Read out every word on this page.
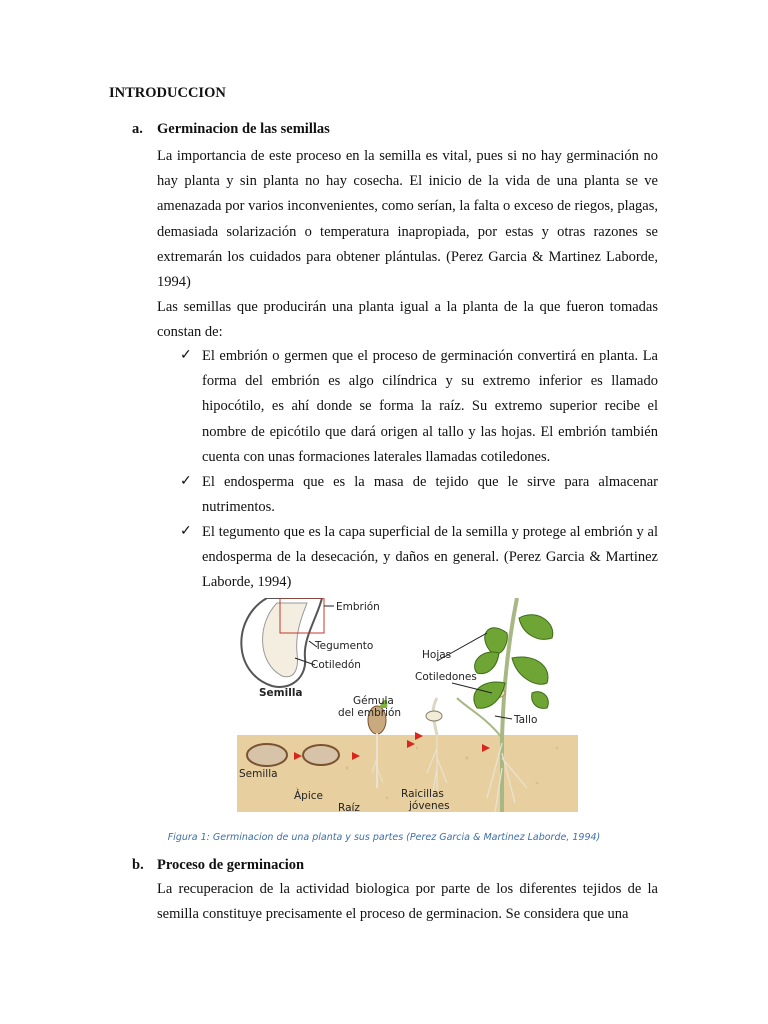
INTRODUCCION
a. Germinacion de las semillas

La importancia de este proceso en la semilla es vital, pues si no hay germinación no hay planta y sin planta no hay cosecha. El inicio de la vida de una planta se ve amenazada por varios inconvenientes, como serían, la falta o exceso de riegos, plagas, demasiada solarización o temperatura inapropiada, por estas y otras razones se extremarán los cuidados para obtener plántulas. (Perez Garcia & Martinez Laborde, 1994)

Las semillas que producirán una planta igual a la planta de la que fueron tomadas constan de:

✓ El embrión o germen que el proceso de germinación convertirá en planta. La forma del embrión es algo cilíndrica y su extremo inferior es llamado hipocótilo, es ahí donde se forma la raíz. Su extremo superior recibe el nombre de epicótilo que dará origen al tallo y las hojas. El embrión también cuenta con unas formaciones laterales llamadas cotiledones.

✓ El endosperma que es la masa de tejido que le sirve para almacenar nutrimentos.

✓ El tegumento que es la capa superficial de la semilla y protege al embrión y al endosperma de la desecación, y daños en general. (Perez Garcia & Martinez Laborde, 1994)

Embrión
Tegumento
Cotiledón
Semilla
Gémula
del embrión
Hojas
Cotiledones
Tallo
Semilla
Ápice
Raíz
Raicillas
jóvenes
Figura 1: Germinacion de una planta y sus partes (Perez Garcia & Martinez Laborde, 1994)
b. Proceso de germinacion

La recuperacion de la actividad biologica por parte de los diferentes tejidos de la semilla constituye precisamente el proceso de germinacion. Se considera que una
